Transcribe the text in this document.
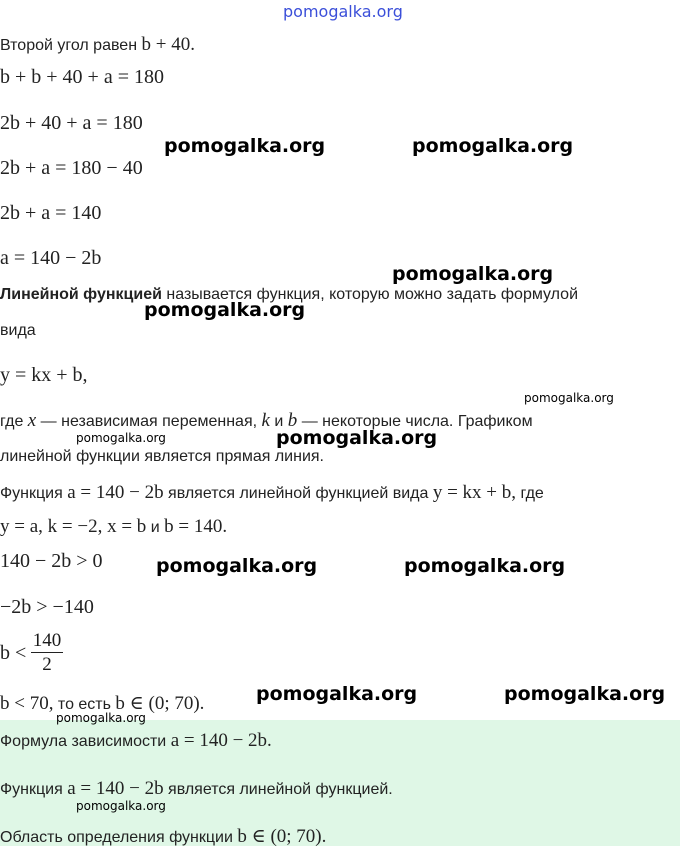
pomogalka.org
Второй угол равен b + 40.
b + b + 40 + a = 180
2b + 40 + a = 180
2b + a = 180 − 40
2b + a = 140
a = 140 − 2b
Линейной функцией называется функция, которую можно задать формулой
вида
y = kx + b,
где x — независимая переменная, k и b — некоторые числа. Графиком
линейной функции является прямая линия.
Функция a = 140 − 2b является линейной функцией вида y = kx + b, где
y = a, k = −2, x = b и b = 140.
140 − 2b > 0
−2b > −140
$b < \frac{140}{2}$
b < 70, то есть b ∈ (0; 70).
Формула зависимости a = 140 − 2b.
Функция a = 140 − 2b является линейной функцией.
Область определения функции b ∈ (0; 70).
pomogalka.org	pomogalka.org
pomogalka.org
pomogalka.org
pomogalka.org
pomogalka.org	pomogalka.org
pomogalka.org	pomogalka.org
pomogalka.org	pomogalka.org
pomogalka.org
pomogalka.org
